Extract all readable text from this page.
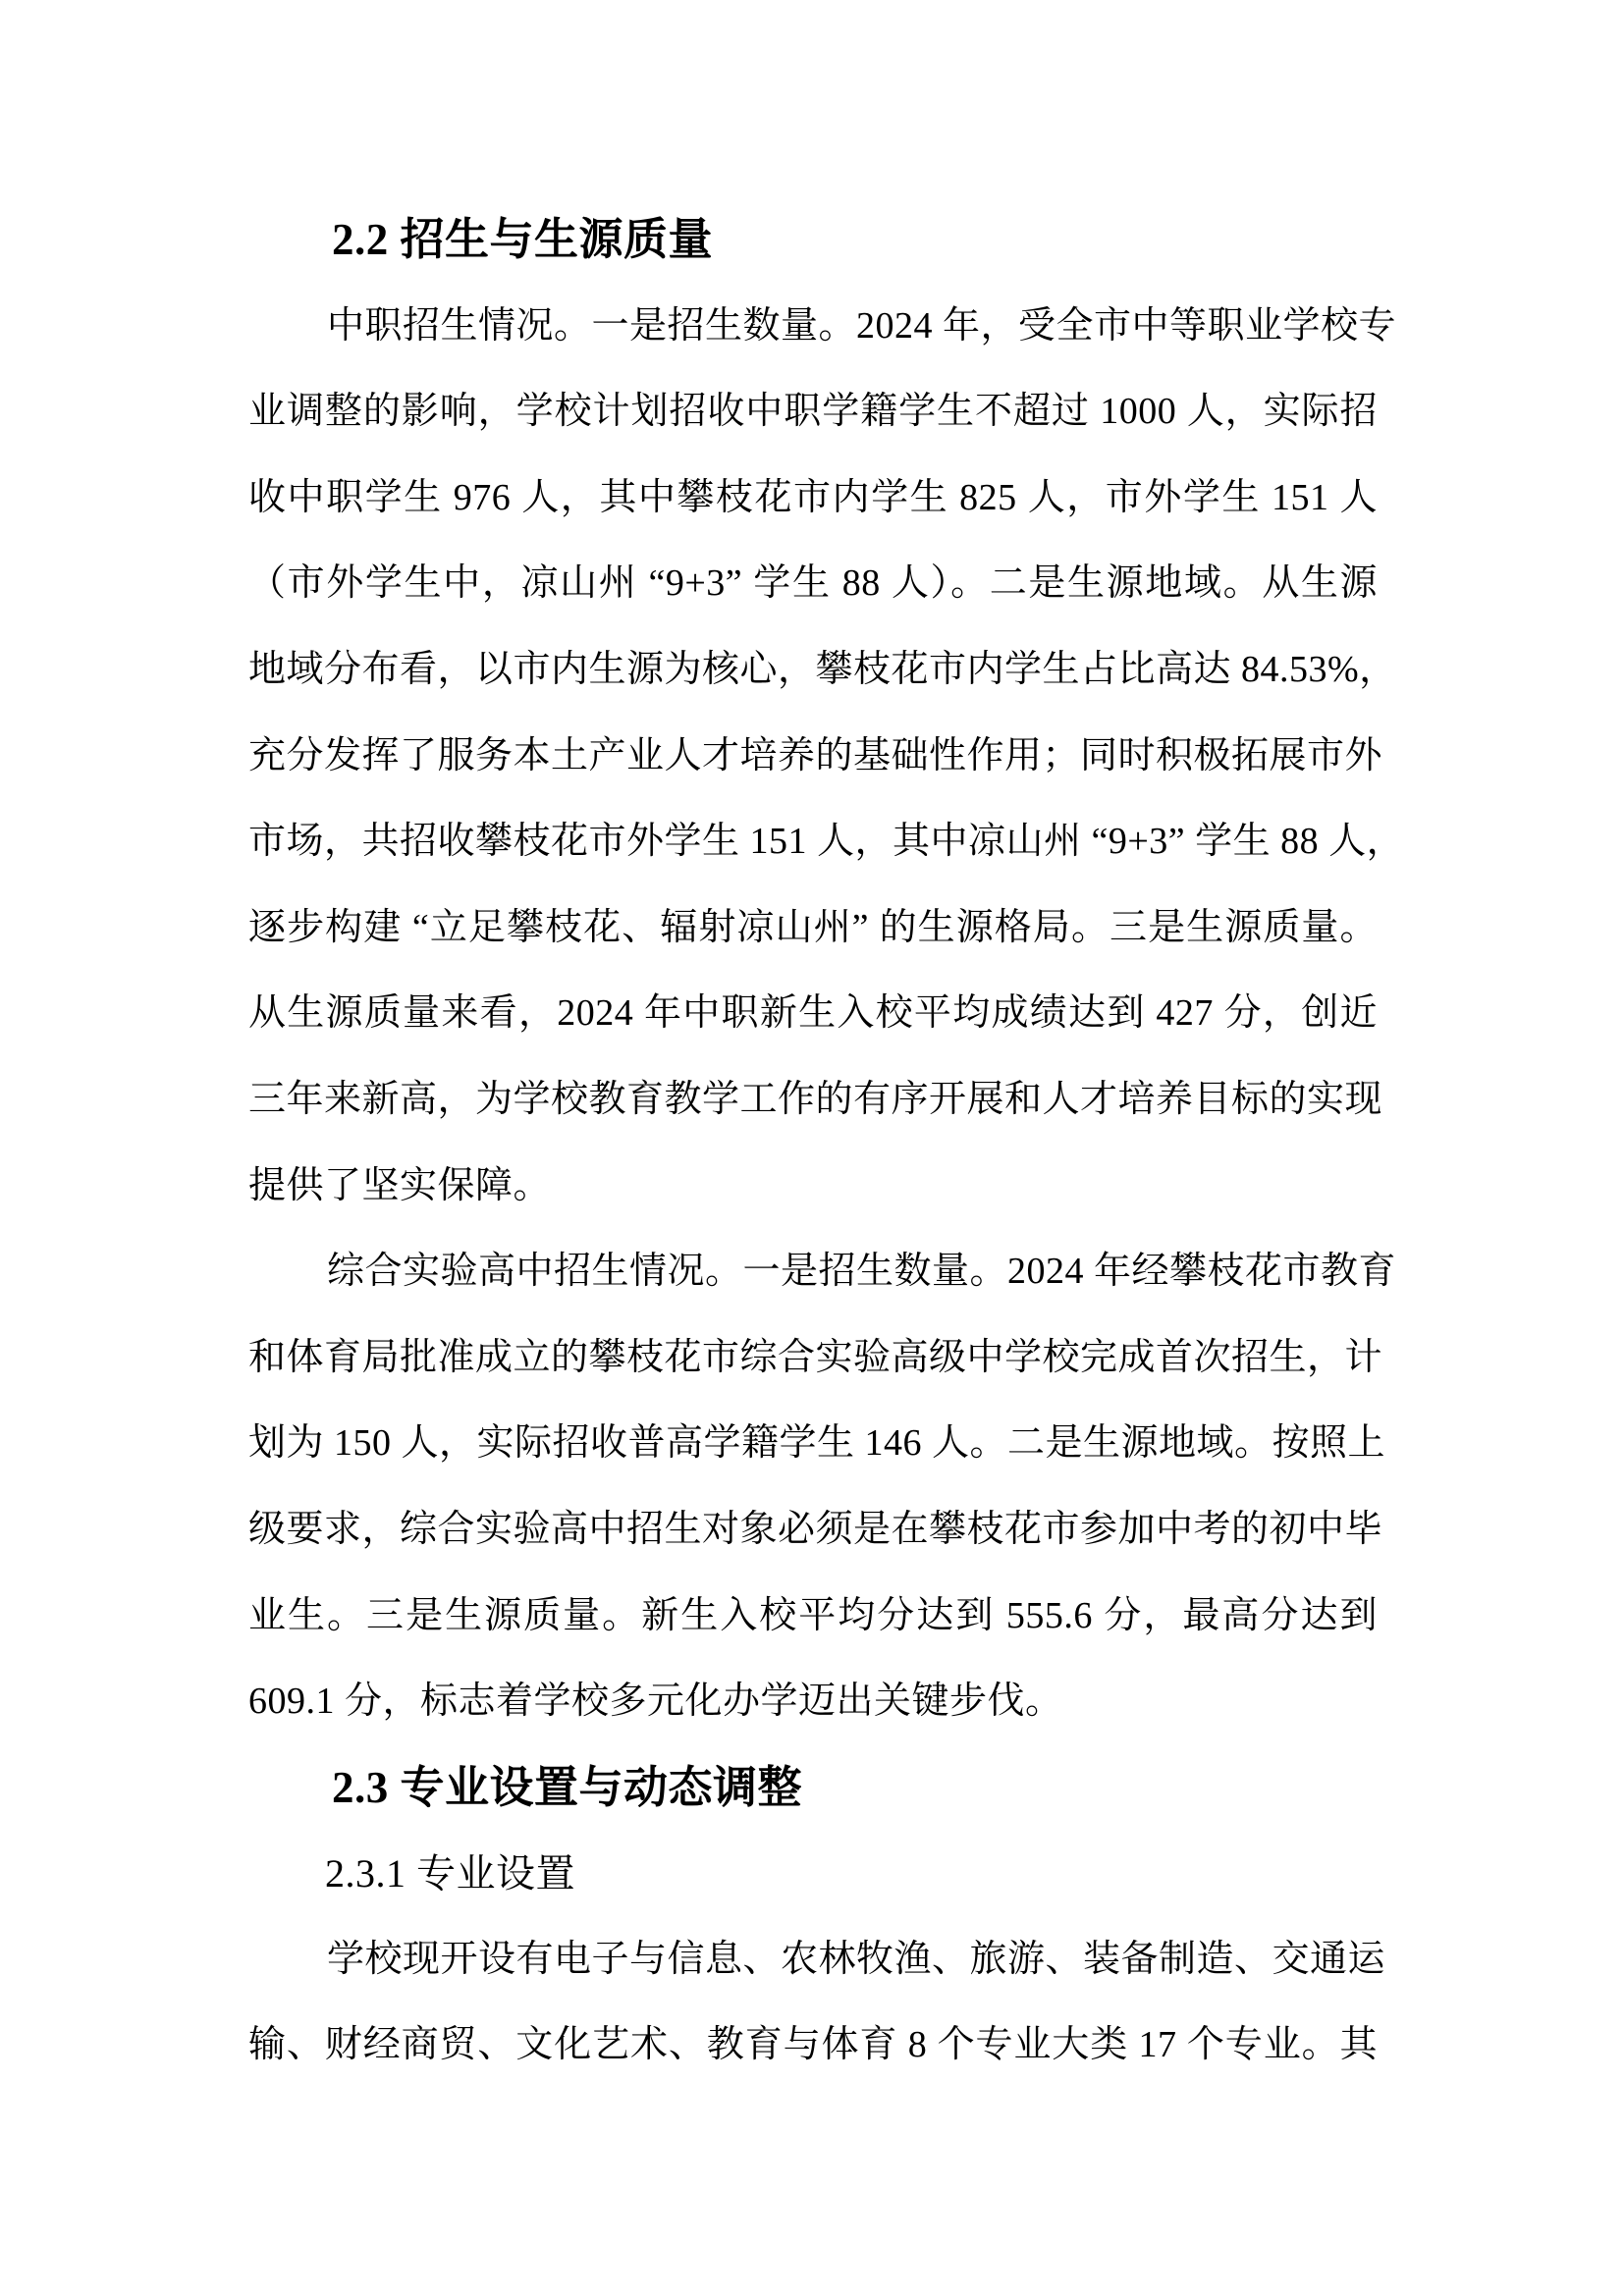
2.2 招生与生源质量
中职招生情况。一是招生数量。2024 年，受全市中等职业学校专
业调整的影响，学校计划招收中职学籍学生不超过 1000 人，实际招
收中职学生 976 人，其中攀枝花市内学生 825 人，市外学生 151 人
（市外学生中，凉山州 “9+3” 学生 88 人）。二是生源地域。从生源
地域分布看，以市内生源为核心，攀枝花市内学生占比高达 84.53%，
充分发挥了服务本土产业人才培养的基础性作用；同时积极拓展市外
市场，共招收攀枝花市外学生 151 人，其中凉山州 “9+3” 学生 88 人，
逐步构建 “立足攀枝花、辐射凉山州” 的生源格局。三是生源质量。
从生源质量来看，2024 年中职新生入校平均成绩达到 427 分，创近
三年来新高，为学校教育教学工作的有序开展和人才培养目标的实现
提供了坚实保障。
综合实验高中招生情况。一是招生数量。2024 年经攀枝花市教育
和体育局批准成立的攀枝花市综合实验高级中学校完成首次招生，计
划为 150 人，实际招收普高学籍学生 146 人。二是生源地域。按照上
级要求，综合实验高中招生对象必须是在攀枝花市参加中考的初中毕
业生。三是生源质量。新生入校平均分达到 555.6 分，最高分达到
609.1 分，标志着学校多元化办学迈出关键步伐。
2.3 专业设置与动态调整
2.3.1 专业设置
学校现开设有电子与信息、农林牧渔、旅游、装备制造、交通运
输、财经商贸、文化艺术、教育与体育 8 个专业大类 17 个专业。其
